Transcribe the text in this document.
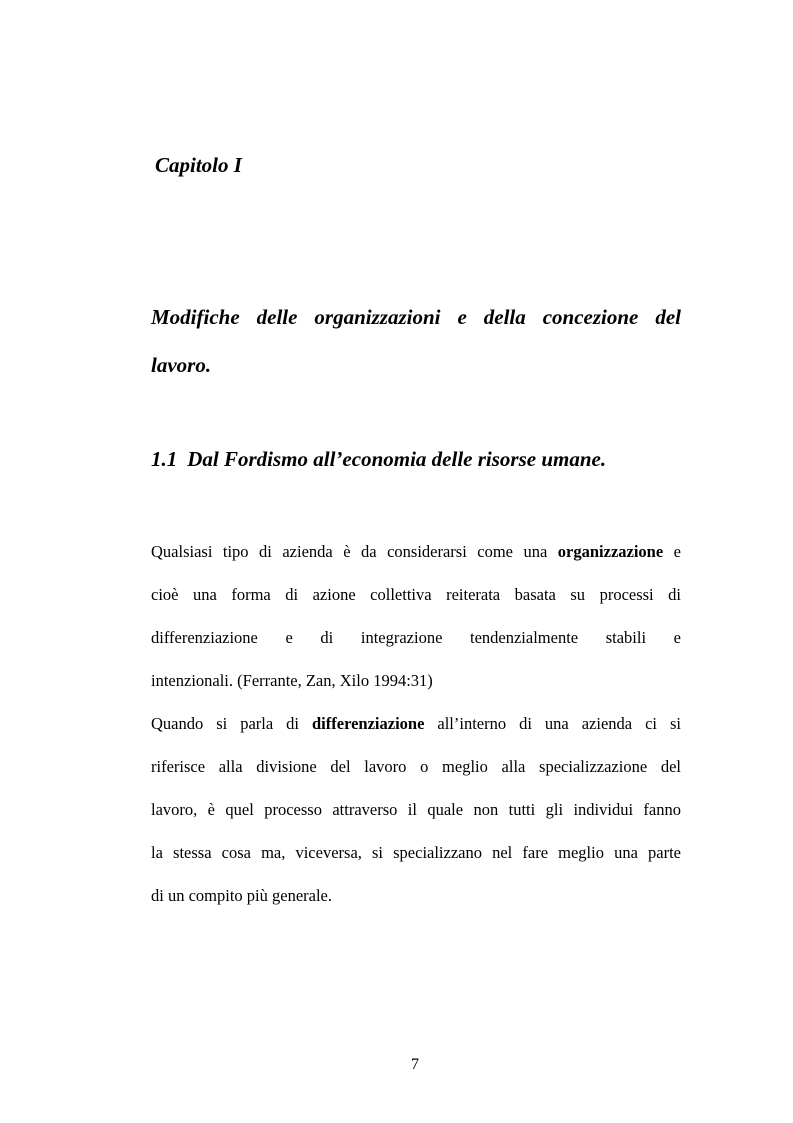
Capitolo I
Modifiche delle organizzazioni e della concezione del
lavoro.
1.1 Dal Fordismo all’economia delle risorse umane.
Qualsiasi tipo di azienda è da considerarsi come una organizzazione e
cioè una forma di azione collettiva reiterata basata su processi di
differenziazione e di integrazione tendenzialmente stabili e
intenzionali. (Ferrante, Zan, Xilo 1994:31)
Quando si parla di differenziazione all’interno di una azienda ci si
riferisce alla divisione del lavoro o meglio alla specializzazione del
lavoro, è quel processo attraverso il quale non tutti gli individui fanno
la stessa cosa ma, viceversa, si specializzano nel fare meglio una parte
di un compito più generale.
7
